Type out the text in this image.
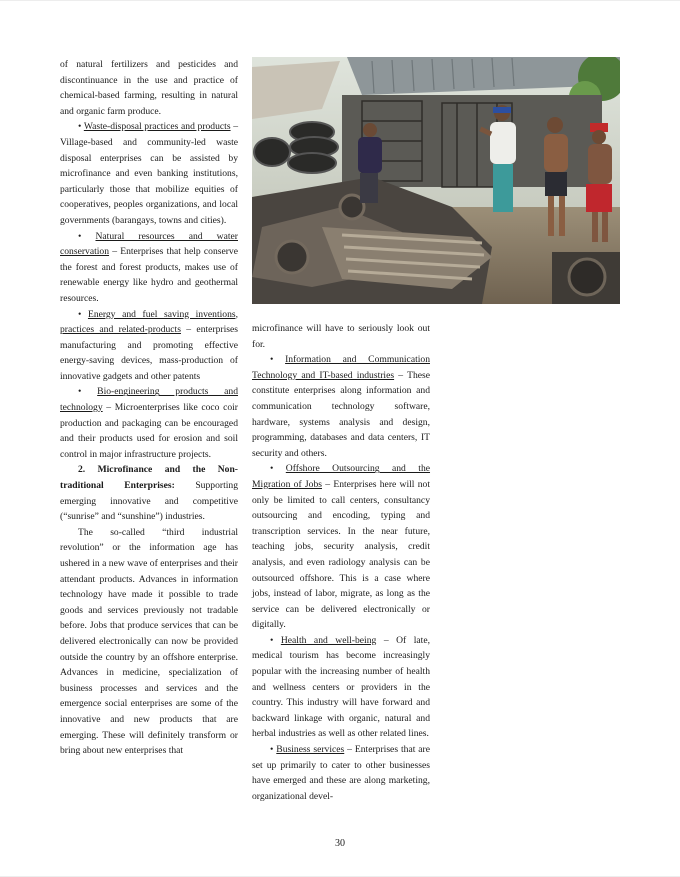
of natural fertilizers and pesticides and discontinuance in the use and practice of chemical-based farming, resulting in natural and organic farm produce.

• Waste-disposal practices and products – Village-based and community-led waste disposal enterprises can be assisted by microfinance and even banking institutions, particularly those that mobilize equities of cooperatives, peoples organizations, and local governments (barangays, towns and cities).

• Natural resources and water conservation – Enterprises that help conserve the forest and forest products, makes use of renewable energy like hydro and geothermal resources.

• Energy and fuel saving inventions, practices and related-products – enterprises manufacturing and promoting effective energy-saving devices, mass-production of innovative gadgets and other patents

• Bio-engineering products and technology – Microenterprises like coco coir production and packaging can be encouraged and their products used for erosion and soil control in major infrastructure projects.

2. Microfinance and the Non-traditional Enterprises: Supporting emerging innovative and competitive (“sunrise” and “sunshine”) industries.

The so-called “third industrial revolution” or the information age has ushered in a new wave of enterprises and their attendant products. Advances in information technology have made it possible to trade goods and services previously not tradable before. Jobs that produce services that can be delivered electronically can now be provided outside the country by an offshore enterprise. Advances in medicine, specialization of business processes and services and the emergence social enterprises are some of the innovative and new products that are emerging. These will definitely transform or bring about new enterprises that

microfinance will have to seriously look out for.

• Information and Communication Technology and IT-based industries – These constitute enterprises along information and communication technology software, hardware, systems analysis and design, programming, databases and data centers, IT security and others.

• Offshore Outsourcing and the Migration of Jobs – Enterprises here will not only be limited to call centers, consultancy outsourcing and encoding, typing and transcription services. In the near future, teaching jobs, security analysis, credit analysis, and even radiology analysis can be outsourced offshore. This is a case where jobs, instead of labor, migrate, as long as the service can be delivered electronically or digitally.

• Health and well-being – Of late, medical tourism has become increasingly popular with the increasing number of health and wellness centers or providers in the country. This industry will have forward and backward linkage with organic, natural and herbal industries as well as other related lines.

• Business services – Enterprises that are set up primarily to cater to other businesses have emerged and these are along marketing, organizational devel-

30
